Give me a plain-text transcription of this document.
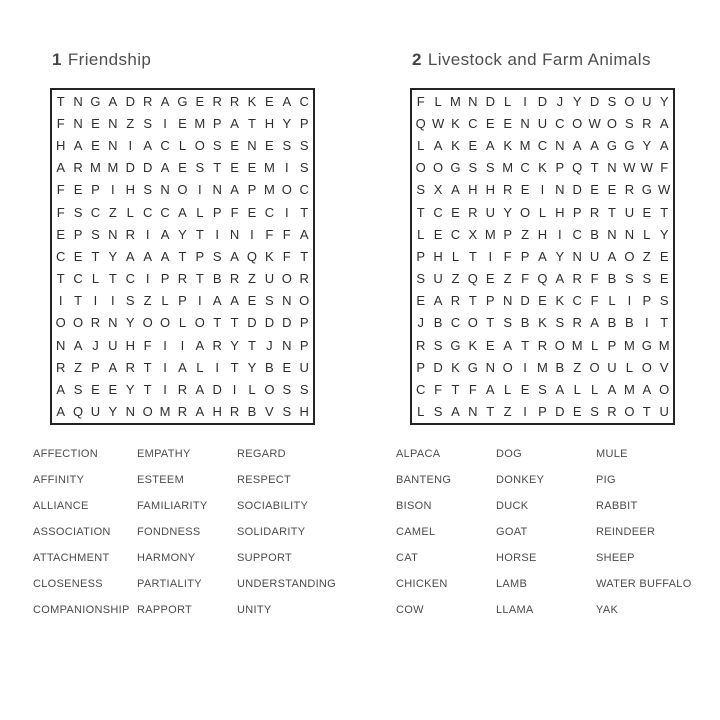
1 Friendship
T N G A D R A G E R R K E A C
F N E N Z S I E M P A T H Y P
H A E N I A C L O S E N E S S
A R M M D D A E S T E E M I S
F E P I H S N O I N A P M O C
F S C Z L C C A L P F E C I T
E P S N R I A Y T I N I F F A
C E T Y A A A T P S A Q K F T
T C L T C I P R T B R Z U O R
I T I	I S Z L P I A A E S N O
O O R N Y O O L O T T D D D P
N A J U H F I	I A R Y T J N P
R Z P A R T I A L I T Y B E U
A S E E Y T I R A D I L O S S
A Q U Y N O M R A H R B V S H
2 Livestock and Farm Animals
F L M N D L I D J Y D S O U Y
Q W K C E E N U C O W O S R A
L A K E A K M C N A A G G Y A
O O G S S M C K P Q T N W W F
S X A H H R E I N D E E R G W
T C E R U Y O L H P R T U E T
L E C X M P Z H I C B N N L Y
P H L T I F P A Y N U A O Z E
S U Z Q E Z F Q A R F B S S E
E A R T P N D E K C F L I P S
J B C O T S B K S R A B B I T
R S G K E A T R O M L P M G M
P D K G N O I M B Z O U L O V
C F T F A L E S A L L A M A O
L S A N T Z I P D E S R O T U
AFFECTION
AFFINITY
ALLIANCE
ASSOCIATION
ATTACHMENT
CLOSENESS
COMPANIONSHIP
EMPATHY
ESTEEM
FAMILIARITY
FONDNESS
HARMONY
PARTIALITY
RAPPORT
REGARD
RESPECT
SOCIABILITY
SOLIDARITY
SUPPORT
UNDERSTANDING
UNITY
ALPACA
BANTENG
BISON
CAMEL
CAT
CHICKEN
COW
DOG
DONKEY
DUCK
GOAT
HORSE
LAMB
LLAMA
MULE
PIG
RABBIT
REINDEER
SHEEP
WATER BUFFALO
YAK
